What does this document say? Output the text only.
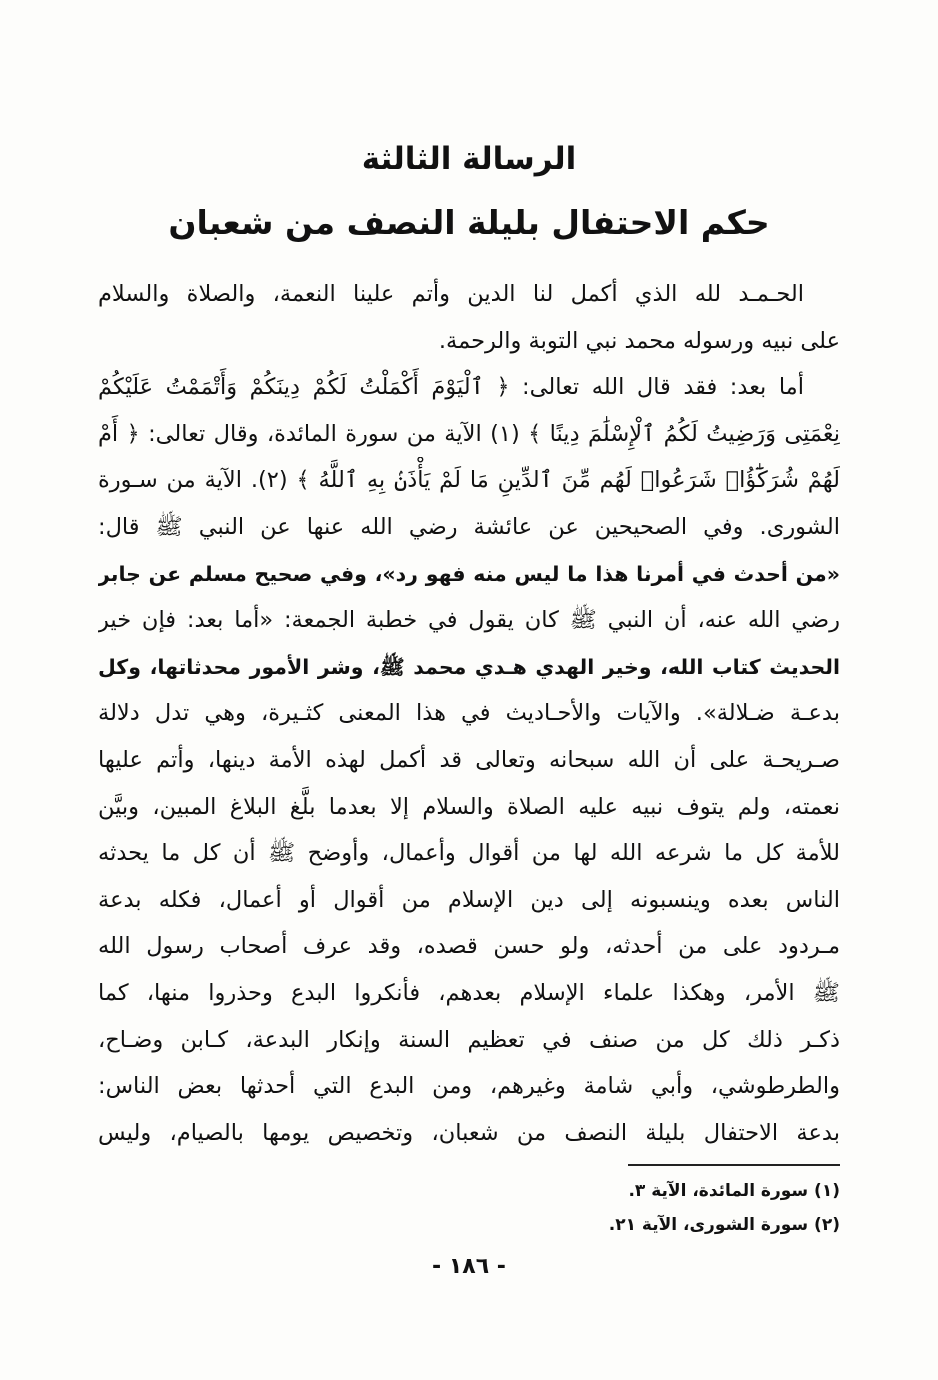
الرسالة الثالثة
حكم الاحتفال بليلة النصف من شعبان
الحـمـد لله الذي أكمل لنا الدين وأتم علينا النعمة، والصلاة والسلام
على نبيه ورسوله محمد نبي التوبة والرحمة.
أما بعد: فقد قال الله تعالى: ﴿ ٱلْيَوْمَ أَكْمَلْتُ لَكُمْ دِينَكُمْ وَأَتْمَمْتُ عَلَيْكُمْ
نِعْمَتِى وَرَضِيتُ لَكُمُ ٱلْإِسْلَٰمَ دِينًا ﴾ (١) الآية من سورة المائدة، وقال تعالى: ﴿ أَمْ
لَهُمْ شُرَكَٰٓؤُا۟ شَرَعُوا۟ لَهُم مِّنَ ٱلدِّينِ مَا لَمْ يَأْذَنۢ بِهِ ٱللَّهُ ﴾ (٢). الآية من سـورة
الشورى. وفي الصحيحين عن عائشة رضي الله عنها عن النبي ﷺ قال:
«من أحدث في أمرنا هذا ما ليس منه فهو رد»، وفي صحيح مسلم عن جابر
رضي الله عنه، أن النبي ﷺ كان يقول في خطبة الجمعة: «أما بعد: فإن خير
الحديث كتاب الله، وخير الهدي هـدي محمد ﷺ، وشر الأمور محدثاتها، وكل
بدعـة ضـلالة». والآيات والأحـاديث في هذا المعنى كثـيرة، وهي تدل دلالة
صـريحـة على أن الله سبحانه وتعالى قد أكمل لهذه الأمة دينها، وأتم عليها
نعمته، ولم يتوف نبيه عليه الصلاة والسلام إلا بعدما بلَّغ البلاغ المبين، وبيَّن
للأمة كل ما شرعه الله لها من أقوال وأعمال، وأوضح ﷺ أن كل ما يحدثه
الناس بعده وينسبونه إلى دين الإسلام من أقوال أو أعمال، فكله بدعة
مـردود على من أحدثه، ولو حسن قصده، وقد عرف أصحاب رسول الله
ﷺ الأمر، وهكذا علماء الإسلام بعدهم، فأنكروا البدع وحذروا منها، كما
ذكـر ذلك كل من صنف في تعظيم السنة وإنكار البدعة، كـابن وضـاح،
والطرطوشي، وأبي شامة وغيرهم، ومن البدع التي أحدثها بعض الناس:
بدعة الاحتفال بليلة النصف من شعبان، وتخصيص يومها بالصيام، وليس
(١) سورة المائدة، الآية ٣.
(٢) سورة الشورى، الآية ٢١.
- ١٨٦ -
